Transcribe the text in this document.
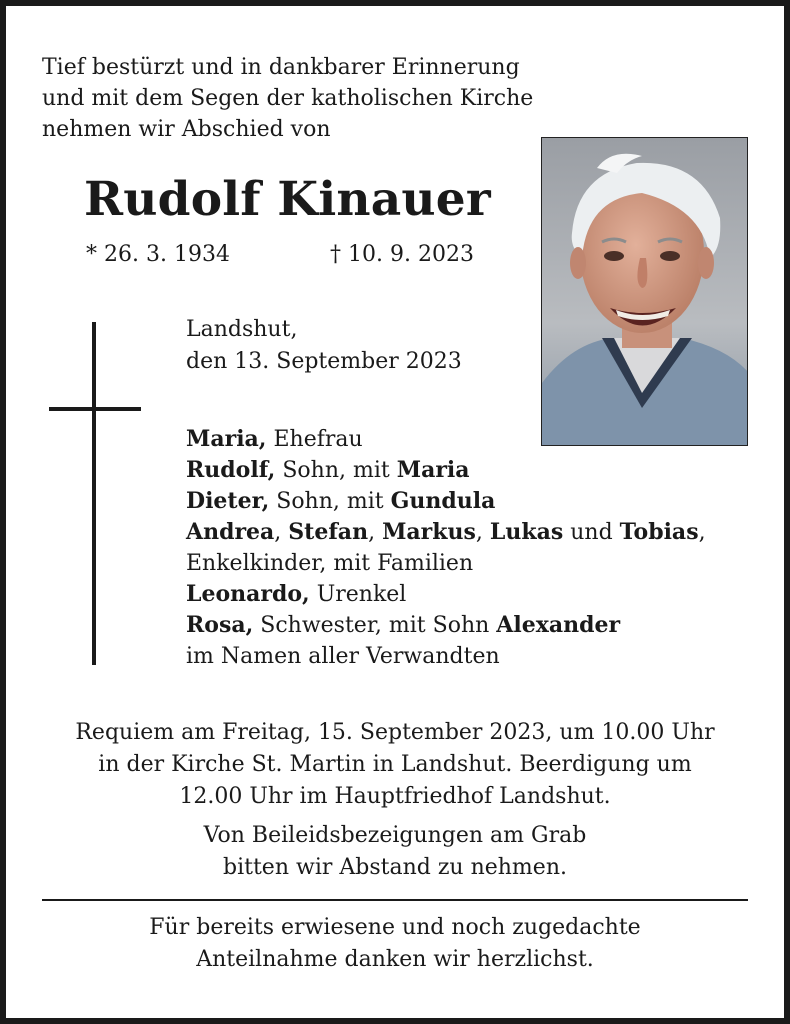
Tief bestürzt und in dankbarer Erinnerung
und mit dem Segen der katholischen Kirche
nehmen wir Abschied von
Rudolf Kinauer
* 26. 3. 1934	† 10. 9. 2023
Landshut,
den 13. September 2023
Maria, Ehefrau
Rudolf, Sohn, mit Maria
Dieter, Sohn, mit Gundula
Andrea, Stefan, Markus, Lukas und Tobias,
Enkelkinder, mit Familien
Leonardo, Urenkel
Rosa, Schwester, mit Sohn Alexander
im Namen aller Verwandten
Requiem am Freitag, 15. September 2023, um 10.00 Uhr
in der Kirche St. Martin in Landshut. Beerdigung um
12.00 Uhr im Hauptfriedhof Landshut.
Von Beileidsbezeigungen am Grab
bitten wir Abstand zu nehmen.
Für bereits erwiesene und noch zugedachte
Anteilnahme danken wir herzlichst.
